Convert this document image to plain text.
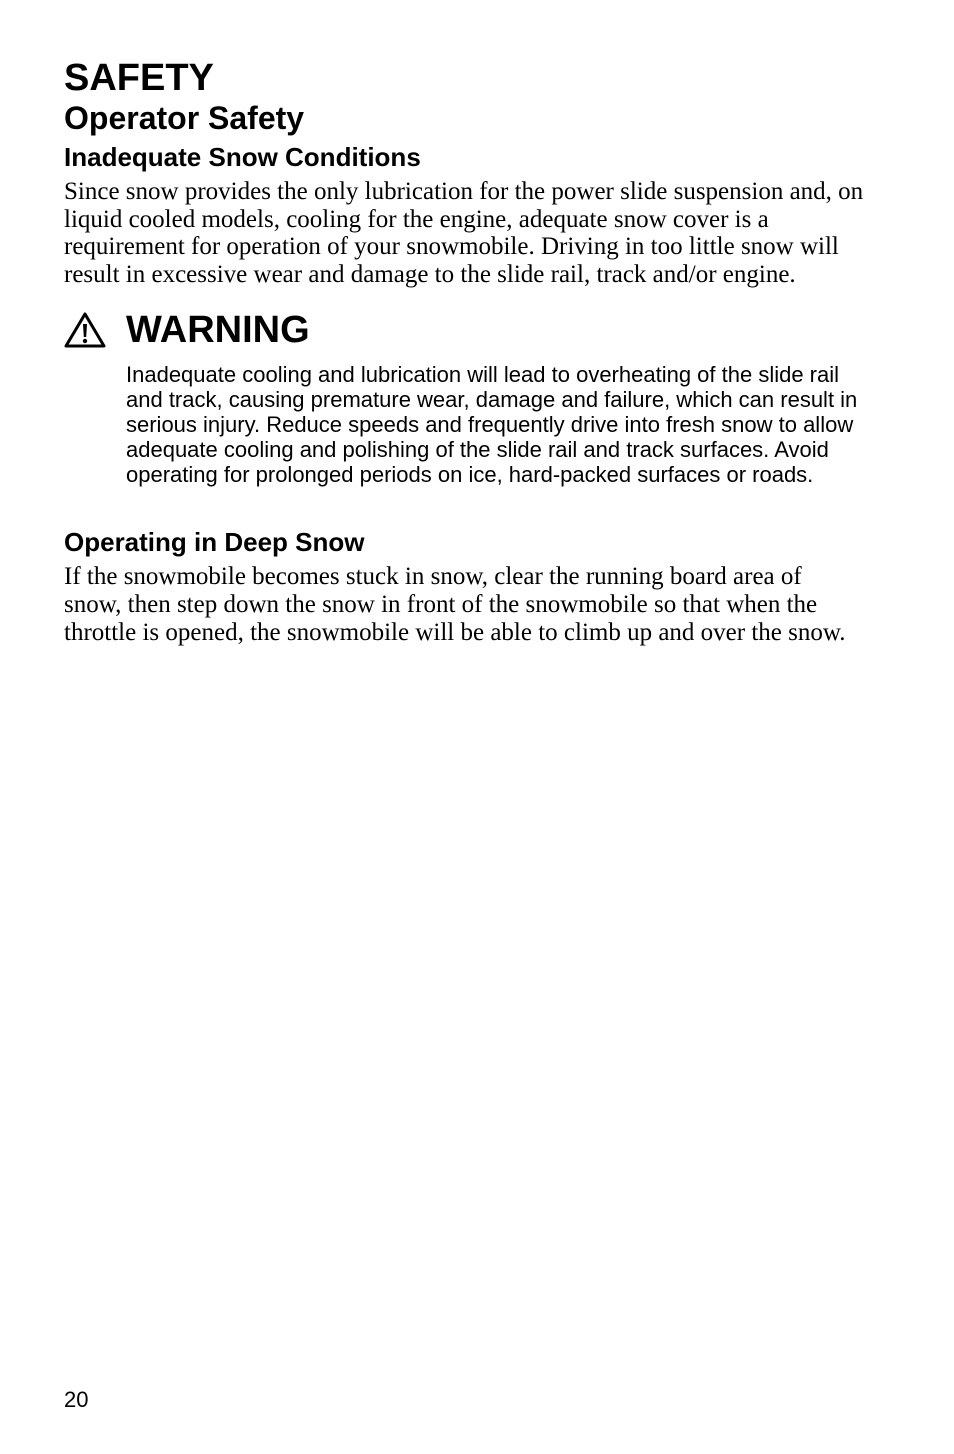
SAFETY
Operator Safety
Inadequate Snow Conditions

Since snow provides the only lubrication for the power slide suspension and, on liquid cooled models, cooling for the engine, adequate snow cover is a requirement for operation of your snowmobile. Driving in too little snow will result in excessive wear and damage to the slide rail, track and/or engine.

WARNING

Inadequate cooling and lubrication will lead to overheating of the slide rail and track, causing premature wear, damage and failure, which can result in serious injury. Reduce speeds and frequently drive into fresh snow to allow adequate cooling and polishing of the slide rail and track surfaces. Avoid operating for prolonged periods on ice, hard-packed surfaces or roads.

Operating in Deep Snow

If the snowmobile becomes stuck in snow, clear the running board area of snow, then step down the snow in front of the snowmobile so that when the throttle is opened, the snowmobile will be able to climb up and over the snow.

20
